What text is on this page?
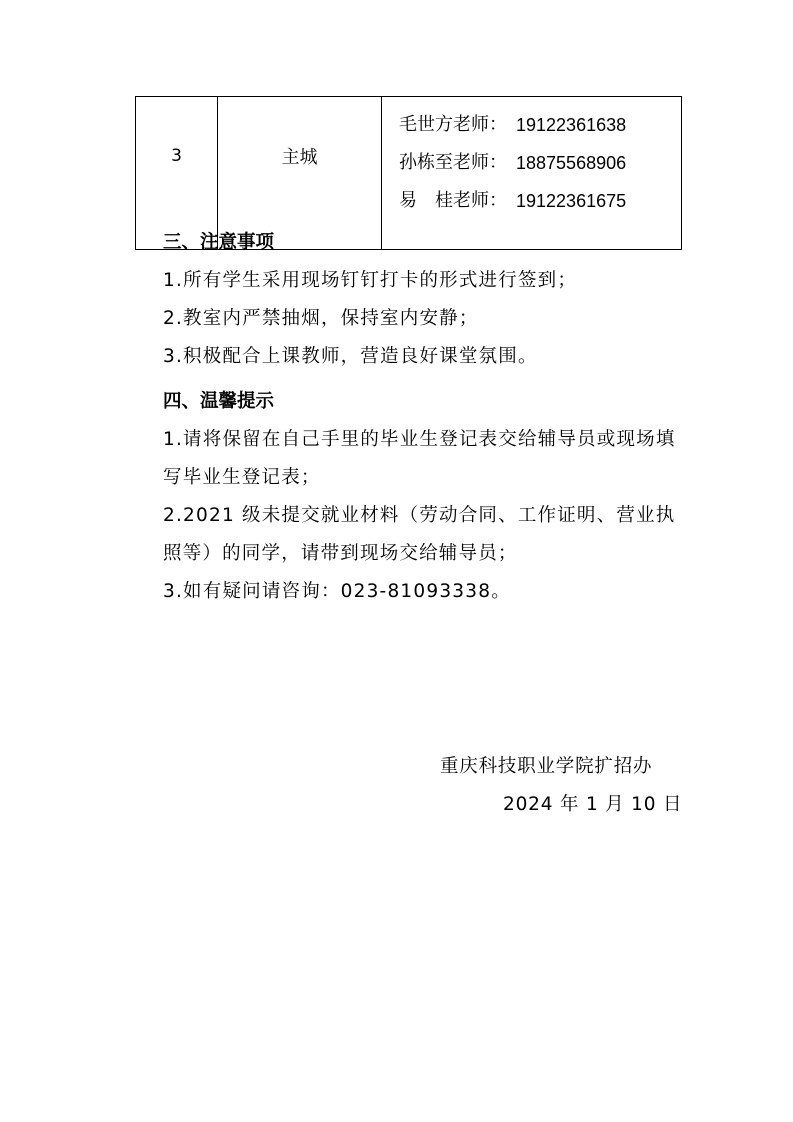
3	主城	
毛世方老师： 19122361638
孙栋至老师： 18875568906
易　桂老师： 19122361675
三、注意事项
1.所有学生采用现场钉钉打卡的形式进行签到；
2.教室内严禁抽烟，保持室内安静；
3.积极配合上课教师，营造良好课堂氛围。
四、温馨提示
1.请将保留在自己手里的毕业生登记表交给辅导员或现场填写毕业生登记表；
2.2021 级未提交就业材料（劳动合同、工作证明、营业执照等）的同学，请带到现场交给辅导员；
3.如有疑问请咨询：023-81093338。
重庆科技职业学院扩招办
2024 年 1 月 10 日
